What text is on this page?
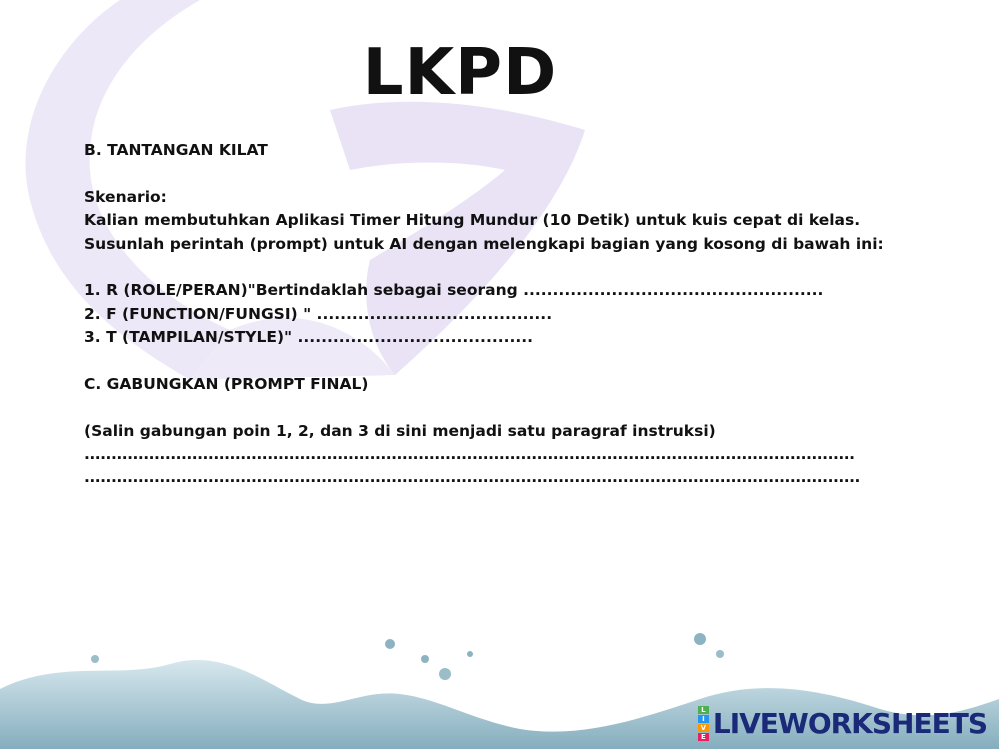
LKPD
B. TANTANGAN KILAT
Skenario:
Kalian membutuhkan Aplikasi Timer Hitung Mundur (10 Detik) untuk kuis cepat di kelas.
Susunlah perintah (prompt) untuk AI dengan melengkapi bagian yang kosong di bawah ini:
1. R (ROLE/PERAN)"Bertindaklah sebagai seorang ...................................................
2. F (FUNCTION/FUNGSI) " ........................................
3. T (TAMPILAN/STYLE)" ........................................
C. GABUNGKAN (PROMPT FINAL)
(Salin gabungan poin 1, 2, dan 3 di sini menjadi satu paragraf instruksi)
...............................................................................................................................................
................................................................................................................................................
L
I
V
E LIVEWORKSHEETS
